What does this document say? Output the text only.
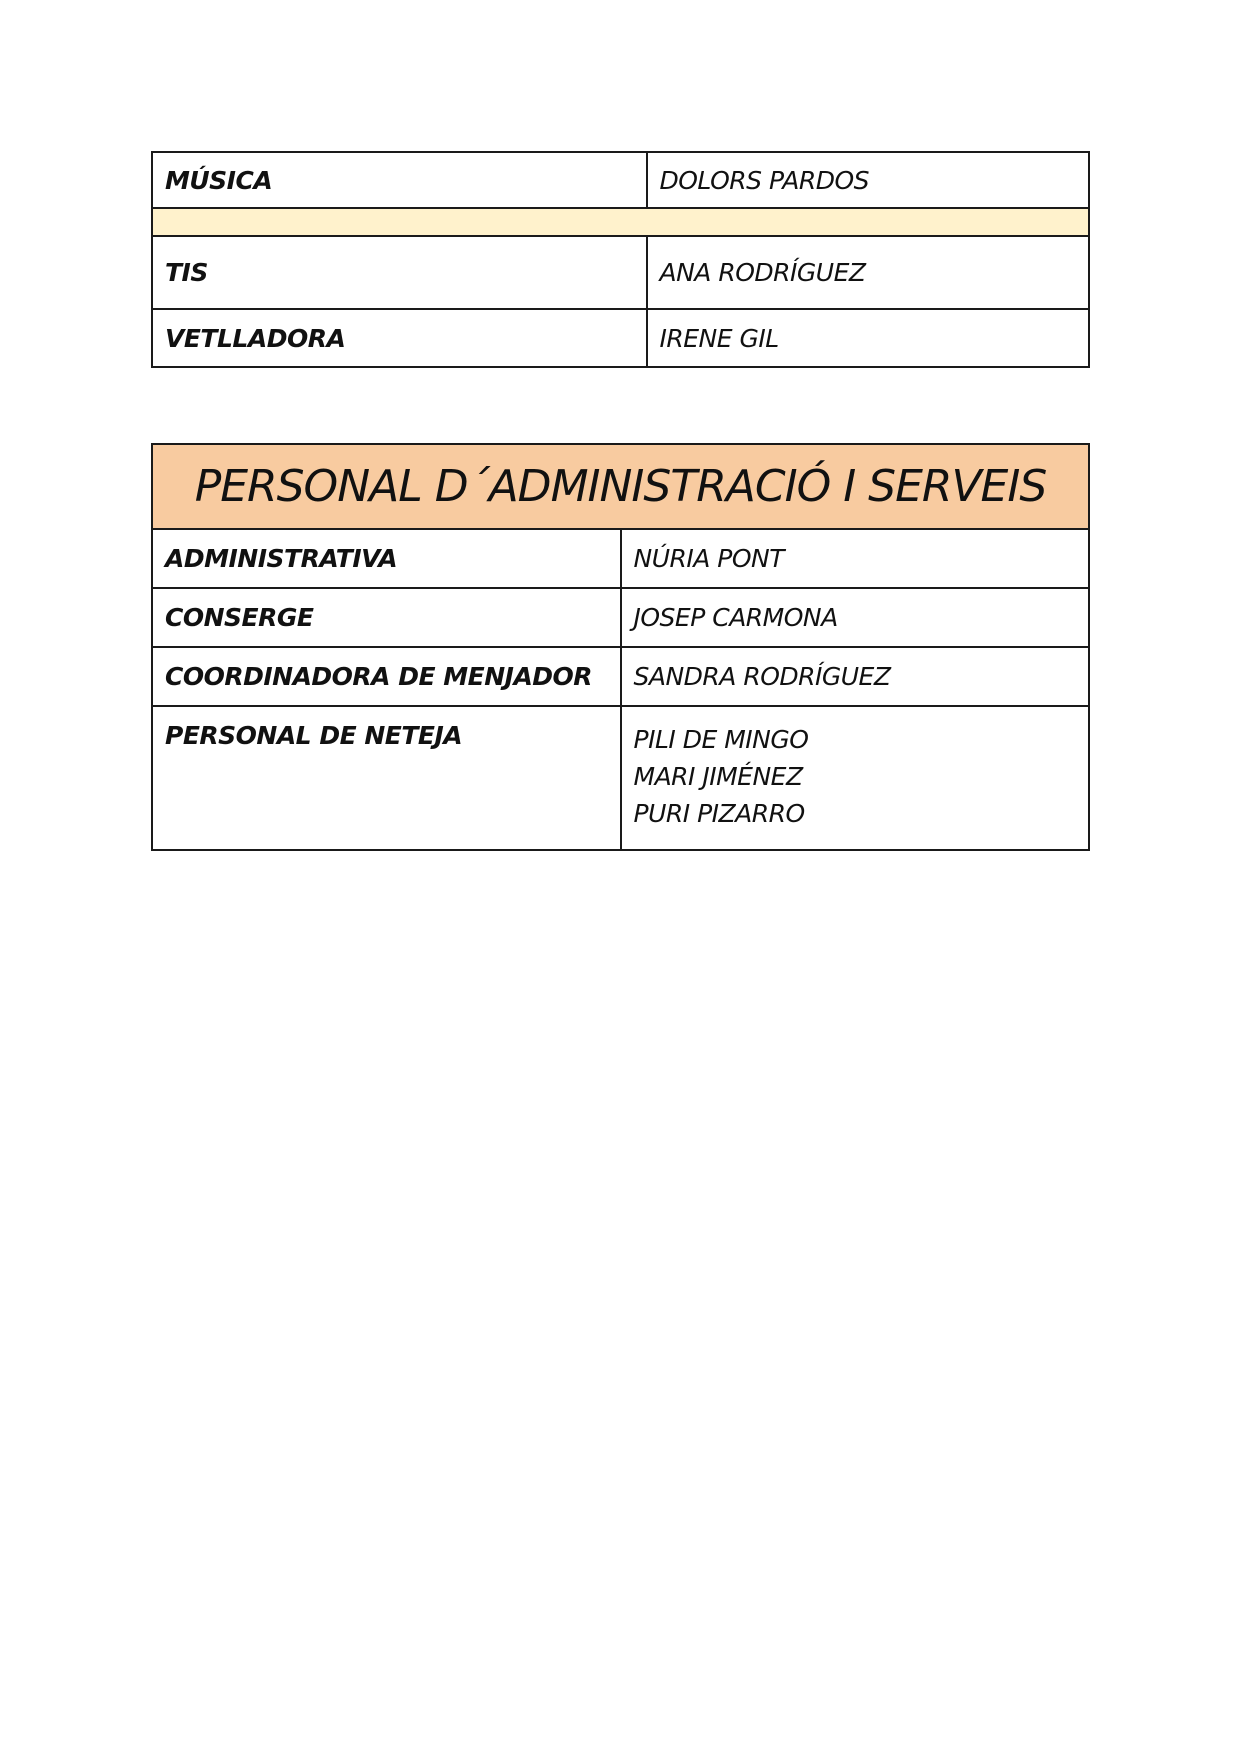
MÚSICA	DOLORS PARDOS

TIS	ANA RODRÍGUEZ
VETLLADORA	IRENE GIL
PERSONAL D´ADMINISTRACIÓ I SERVEIS	
ADMINISTRATIVA	NÚRIA PONT
CONSERGE	JOSEP CARMONA
COORDINADORA DE MENJADOR	SANDRA RODRÍGUEZ
PERSONAL DE NETEJA	PILI DE MINGO
MARI JIMÉNEZ
PURI PIZARRO
